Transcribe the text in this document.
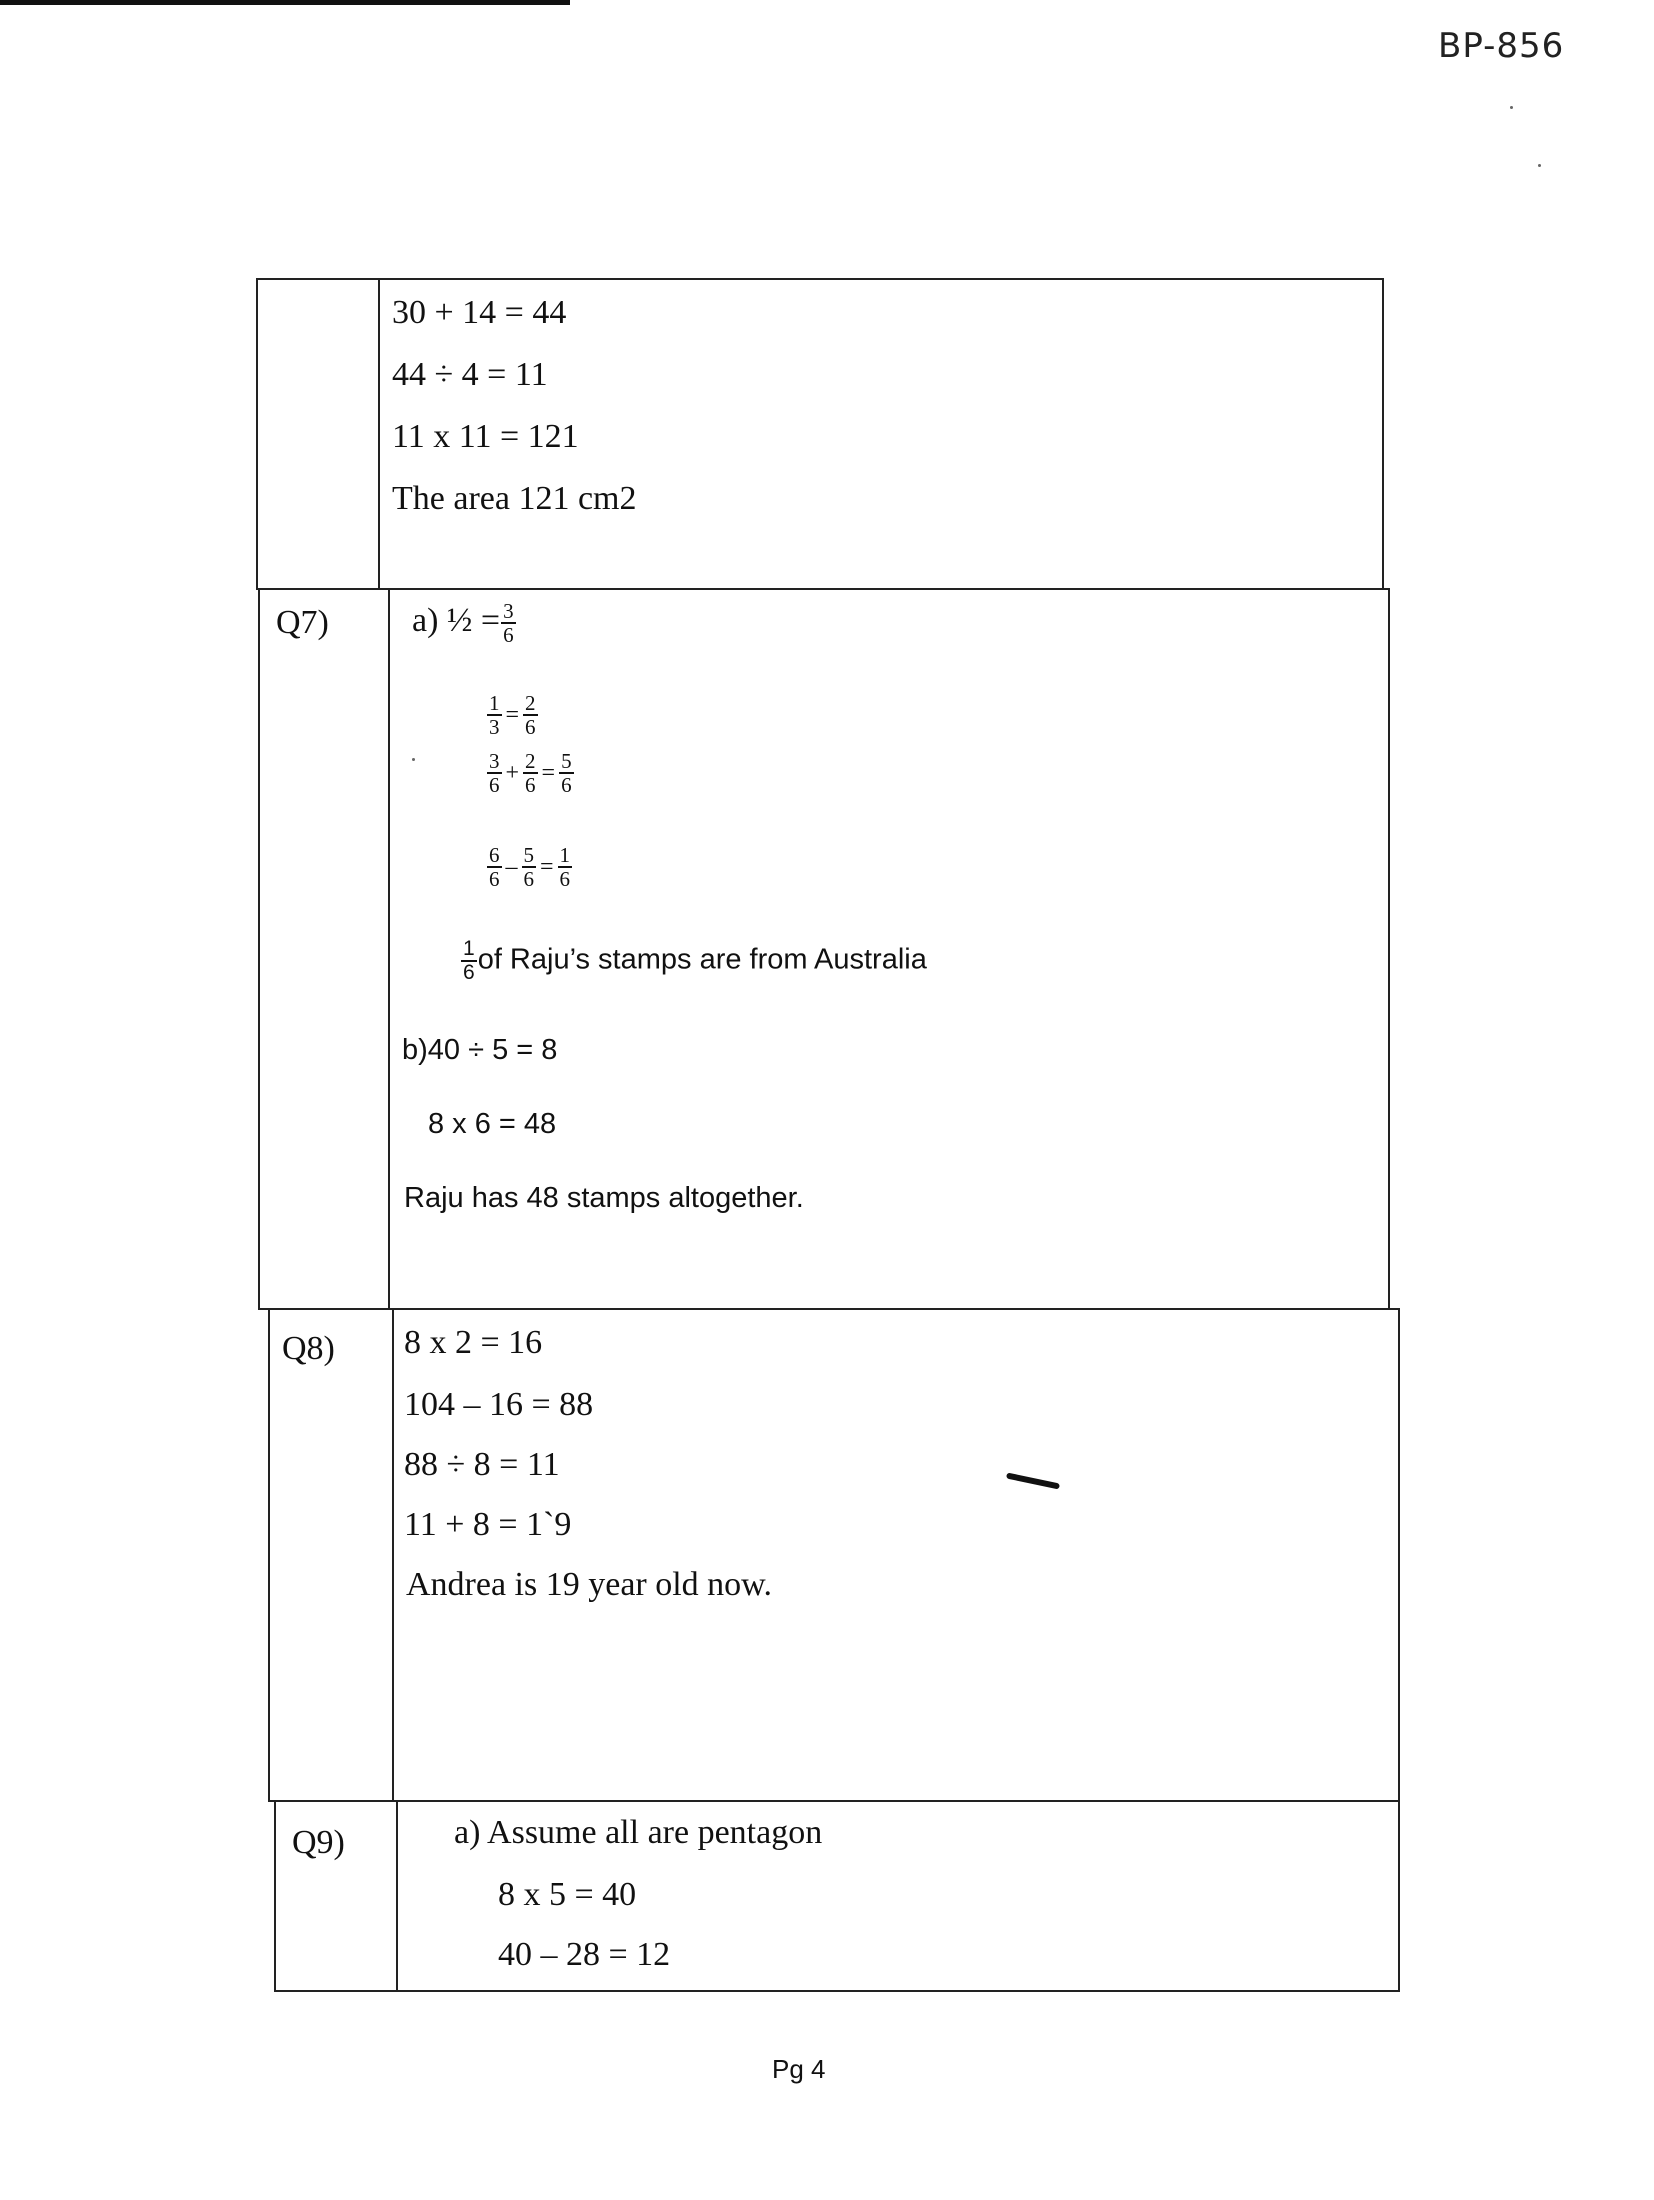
BP-856
30 + 14 = 44
44 ÷ 4 = 11
11 x 11 = 121
The area 121 cm2
Q7) a) ½ = $\frac{3}{6}$
$\frac{1}{3} = \frac{2}{6}$
$\frac{3}{6} + \frac{2}{6} = \frac{5}{6}$
$\frac{6}{6} - \frac{5}{6} = \frac{1}{6}$
$\frac{1}{6}$ of Raju’s stamps are from Australia
b)40 ÷ 5 = 8
8 x 6 = 48
Raju has 48 stamps altogether.
Q8) 8 x 2 = 16
104 – 16 = 88
88 ÷ 8 = 11
11 + 8 = 1`9
Andrea is 19 year old now.
Q9)	a) Assume all are pentagon
8 x 5 = 40
40 – 28 = 12
Pg 4
